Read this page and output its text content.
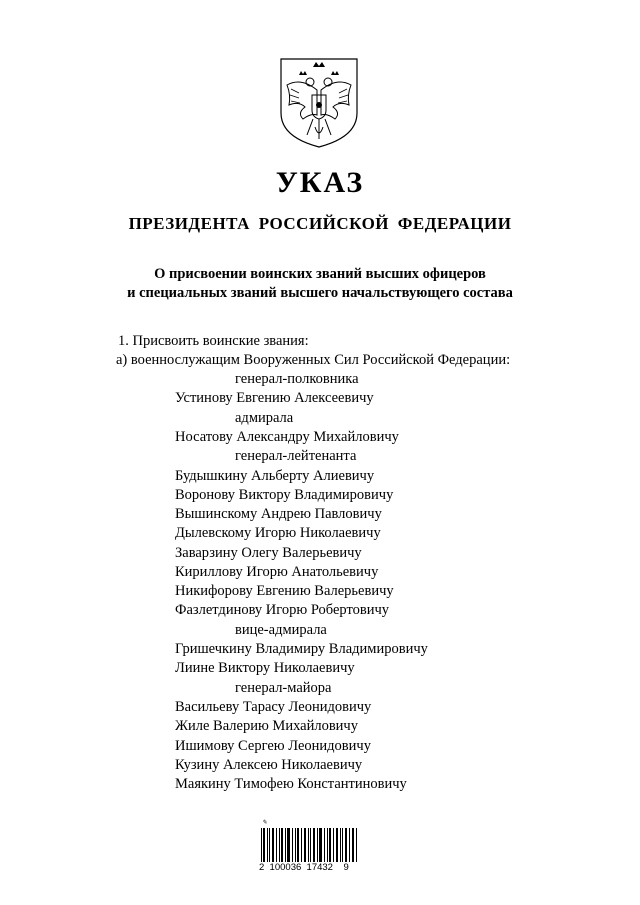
УКАЗ
ПРЕЗИДЕНТА РОССИЙСКОЙ ФЕДЕРАЦИИ
О присвоении воинских званий высших офицеров
и специальных званий высшего начальствующего состава
1. Присвоить воинские звания:
а) военнослужащим Вооруженных Сил Российской Федерации:
генерал-полковника
Устинову Евгению Алексеевичу
адмирала
Носатову Александру Михайловичу
генерал-лейтенанта
Будышкину Альберту Алиевичу
Воронову Виктору Владимировичу
Вышинскому Андрею Павловичу
Дылевскому Игорю Николаевичу
Заварзину Олегу Валерьевичу
Кириллову Игорю Анатольевичу
Никифорову Евгению Валерьевичу
Фазлетдинову Игорю Робертовичу
вице-адмирала
Гришечкину Владимиру Владимировичу
Лиине Виктору Николаевичу
генерал-майора
Васильеву Тарасу Леонидовичу
Жиле Валерию Михайловичу
Ишимову Сергею Леонидовичу
Кузину Алексею Николаевичу
Маякину Тимофею Константиновичу
✎
2  100036  17432    9
